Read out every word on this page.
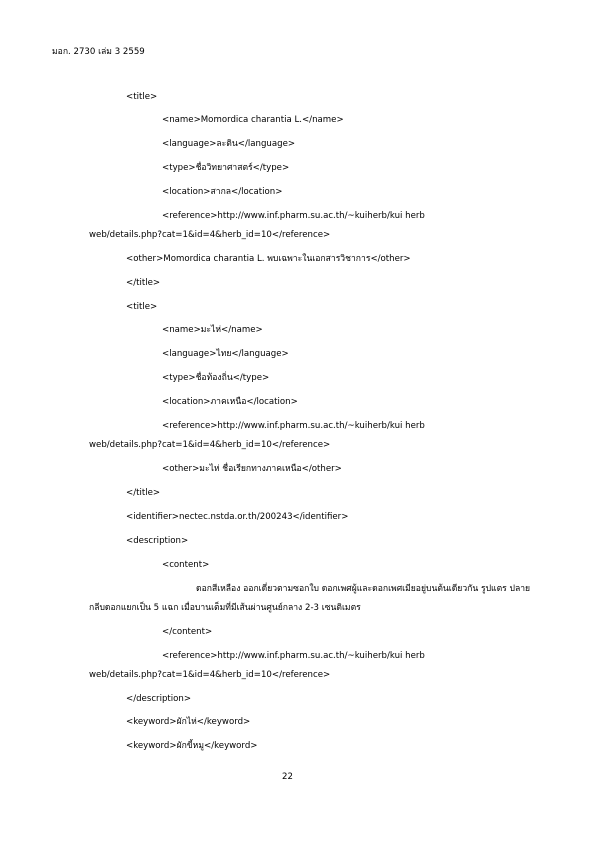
มอก. 2730 เล่ม 3 2559
<title>
<name>Momordica charantia L.</name>
<language>ละติน</language>
<type>ชื่อวิทยาศาสตร์</type>
<location>สากล</location>
<reference>http://www.inf.pharm.su.ac.th/~kuiherb/kui herb
web/details.php?cat=1&id=4&herb_id=10</reference>
<other>Momordica charantia L. พบเฉพาะในเอกสารวิชาการ</other>
</title>
<title>
<name>มะไห่</name>
<language>ไทย</language>
<type>ชื่อท้องถิ่น</type>
<location>ภาคเหนือ</location>
<reference>http://www.inf.pharm.su.ac.th/~kuiherb/kui herb
web/details.php?cat=1&id=4&herb_id=10</reference>
<other>มะไห่ ชื่อเรียกทางภาคเหนือ</other>
</title>
<identifier>nectec.nstda.or.th/200243</identifier>
<description>
<content>
ดอกสีเหลือง ออกเดี่ยวตามซอกใบ ดอกเพศผู้และดอกเพศเมียอยู่บนต้นเดียวกัน รูปแตร ปลาย
กลีบดอกแยกเป็น 5 แฉก เมื่อบานเต็มที่มีเส้นผ่านศูนย์กลาง 2-3 เซนติเมตร
</content>
<reference>http://www.inf.pharm.su.ac.th/~kuiherb/kui herb
web/details.php?cat=1&id=4&herb_id=10</reference>
</description>
<keyword>ผักไห่</keyword>
<keyword>ผักขี้หมู</keyword>
22
